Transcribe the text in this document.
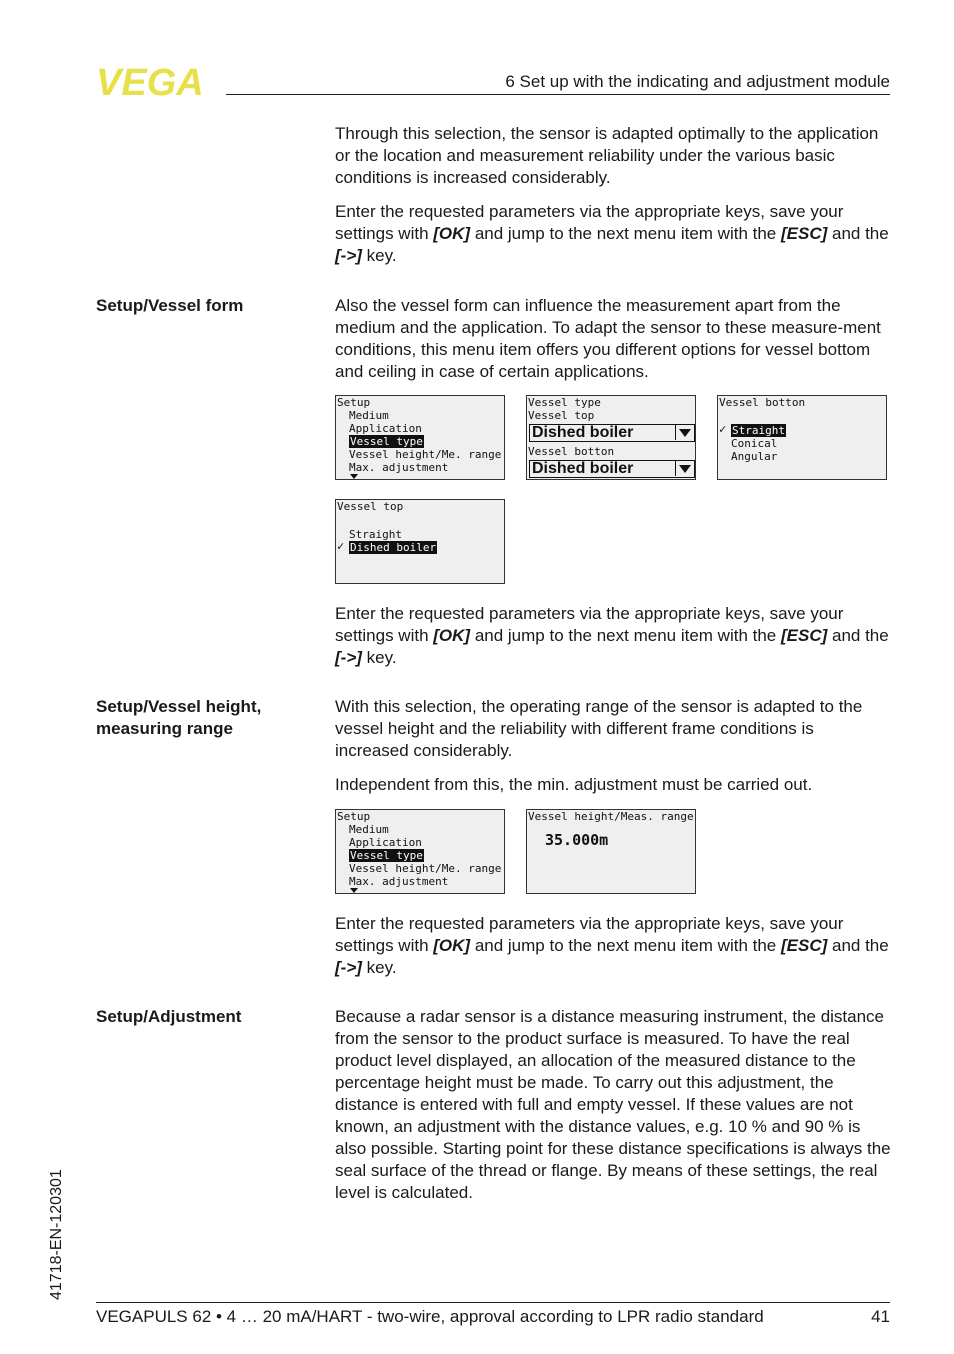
VEGA	6 Set up with the indicating and adjustment module

Through this selection, the sensor is adapted optimally to the application or the location and measurement reliability under the various basic conditions is increased considerably.

Enter the requested parameters via the appropriate keys, save your settings with [OK] and jump to the next menu item with the [ESC] and the [->] key.

Setup/Vessel form	Also the vessel form can influence the measurement apart from the medium and the application. To adapt the sensor to these measure-ment conditions, this menu item offers you different options for vessel bottom and ceiling in case of certain applications.
Setup
Medium
Application
Vessel type
Vessel height/Me. range
Max. adjustment
Vessel type
Vessel top
Dished boiler
Vessel botton
Dished boiler
Vessel botton
✓ Straight
Conical
Angular
Vessel top
Straight
✓ Dished boiler

Enter the requested parameters via the appropriate keys, save your settings with [OK] and jump to the next menu item with the [ESC] and the [->] key.

Setup/Vessel height, measuring range

With this selection, the operating range of the sensor is adapted to the vessel height and the reliability with different frame conditions is increased considerably.

Independent from this, the min. adjustment must be carried out.

Setup
Medium
Application
Vessel type
Vessel height/Me. range
Max. adjustment
Vessel height/Meas. range
35.000m

Enter the requested parameters via the appropriate keys, save your settings with [OK] and jump to the next menu item with the [ESC] and the [->] key.

Setup/Adjustment	Because a radar sensor is a distance measuring instrument, the distance from the sensor to the product surface is measured. To have the real product level displayed, an allocation of the measured distance to the percentage height must be made. To carry out this adjustment, the distance is entered with full and empty vessel. If these values are not known, an adjustment with the distance values, e.g. 10 % and 90 % is also possible. Starting point for these distance specifications is always the seal surface of the thread or flange. By means of these settings, the real level is calculated.
41718-EN-120301
VEGAPULS 62 • 4 … 20 mA/HART - two-wire, approval according to LPR radio standard	41
